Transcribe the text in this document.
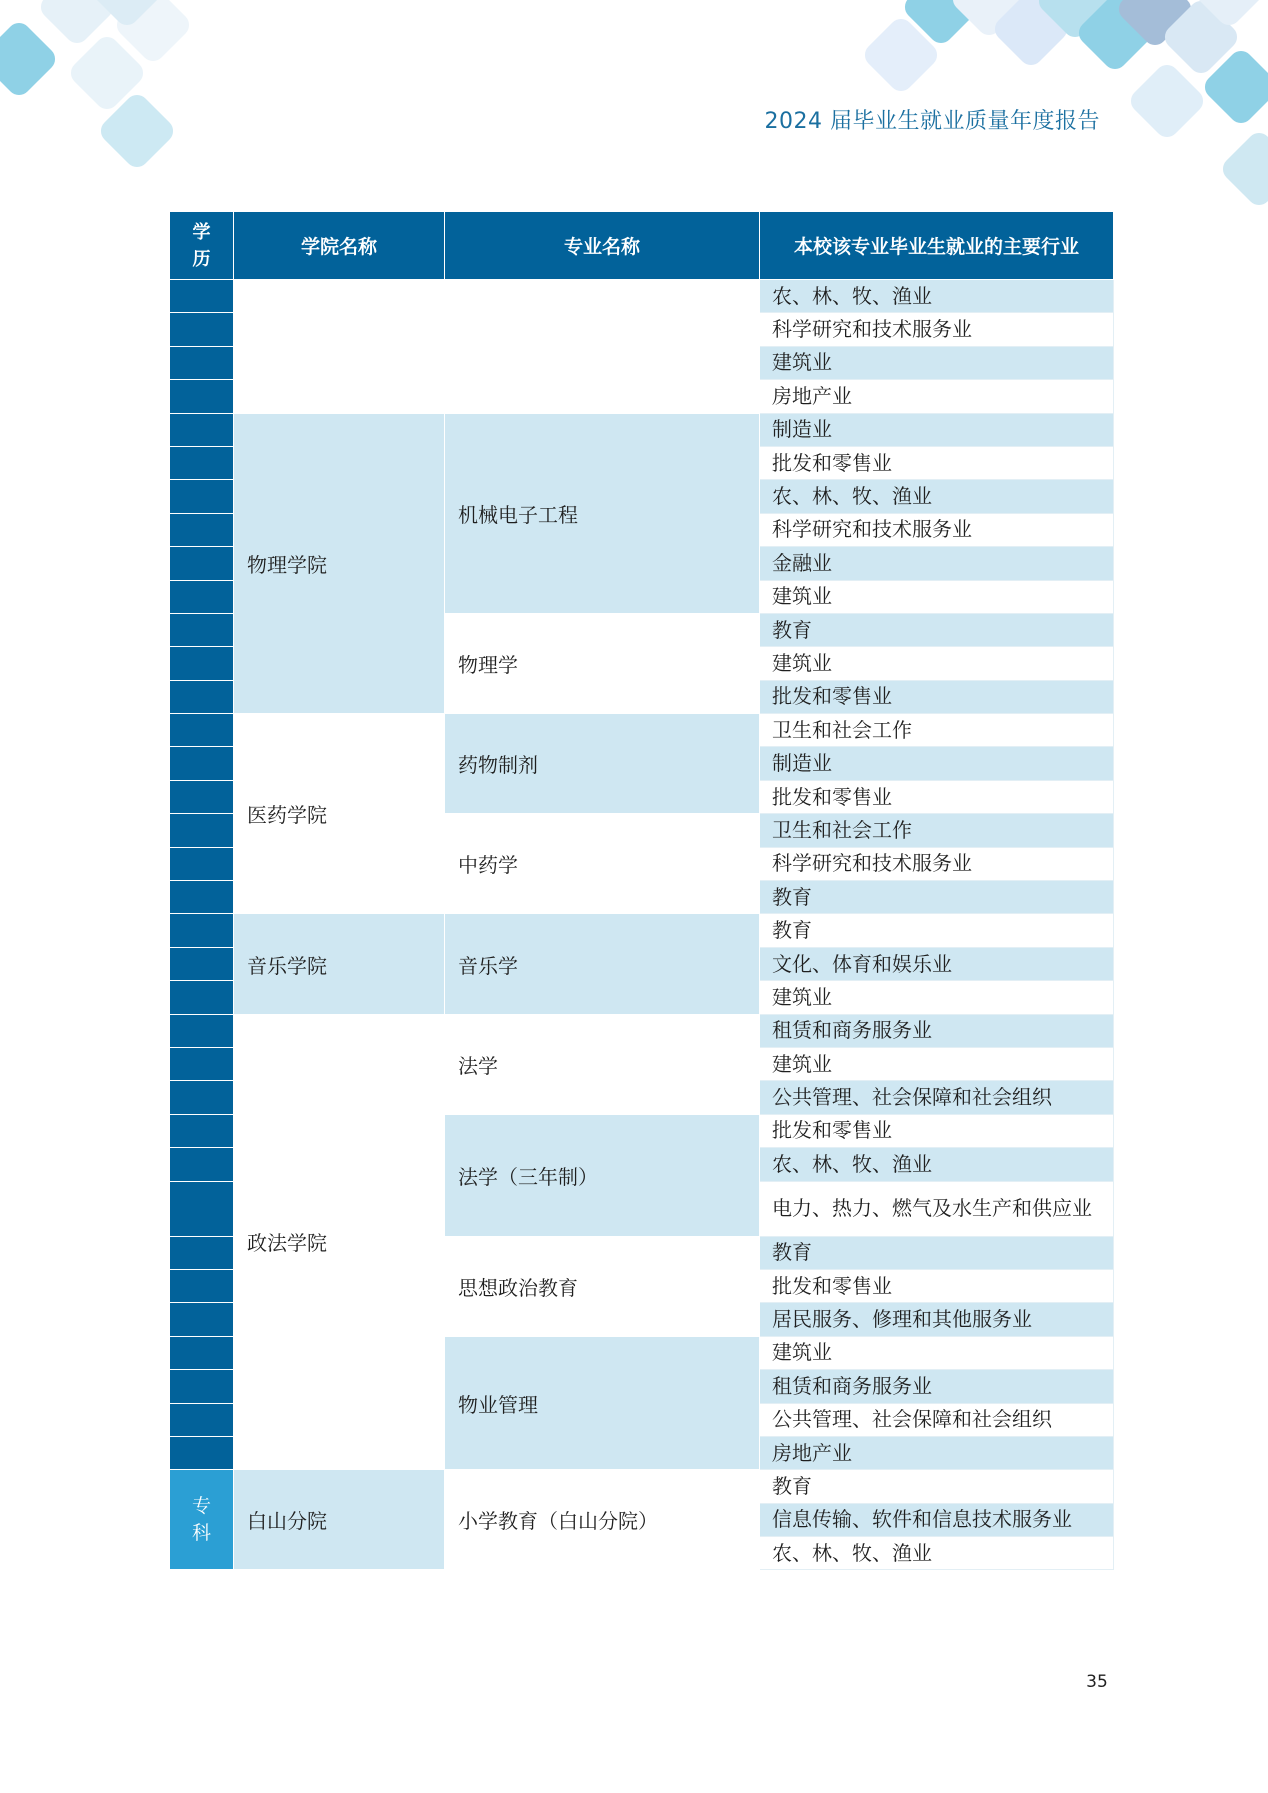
2024 届毕业生就业质量年度报告
学历	学院名称	专业名称	本校该专业毕业生就业的主要行业
			农、林、牧、渔业
			科学研究和技术服务业
			建筑业
			房地产业
	物理学院	机械电子工程	制造业
			批发和零售业
			农、林、牧、渔业
			科学研究和技术服务业
			金融业
			建筑业
		物理学	教育
			建筑业
			批发和零售业
	医药学院	药物制剂	卫生和社会工作
			制造业
			批发和零售业
		中药学	卫生和社会工作
			科学研究和技术服务业
			教育
	音乐学院	音乐学	教育
			文化、体育和娱乐业
			建筑业
	政法学院	法学	租赁和商务服务业
			建筑业
			公共管理、社会保障和社会组织
		法学（三年制）	批发和零售业
			农、林、牧、渔业
			电力、热力、燃气及水生产和供应业
		思想政治教育	教育
			批发和零售业
			居民服务、修理和其他服务业
		物业管理	建筑业
			租赁和商务服务业
			公共管理、社会保障和社会组织
			房地产业
专科	白山分院	小学教育（白山分院）	教育
			信息传输、软件和信息技术服务业
			农、林、牧、渔业
35
